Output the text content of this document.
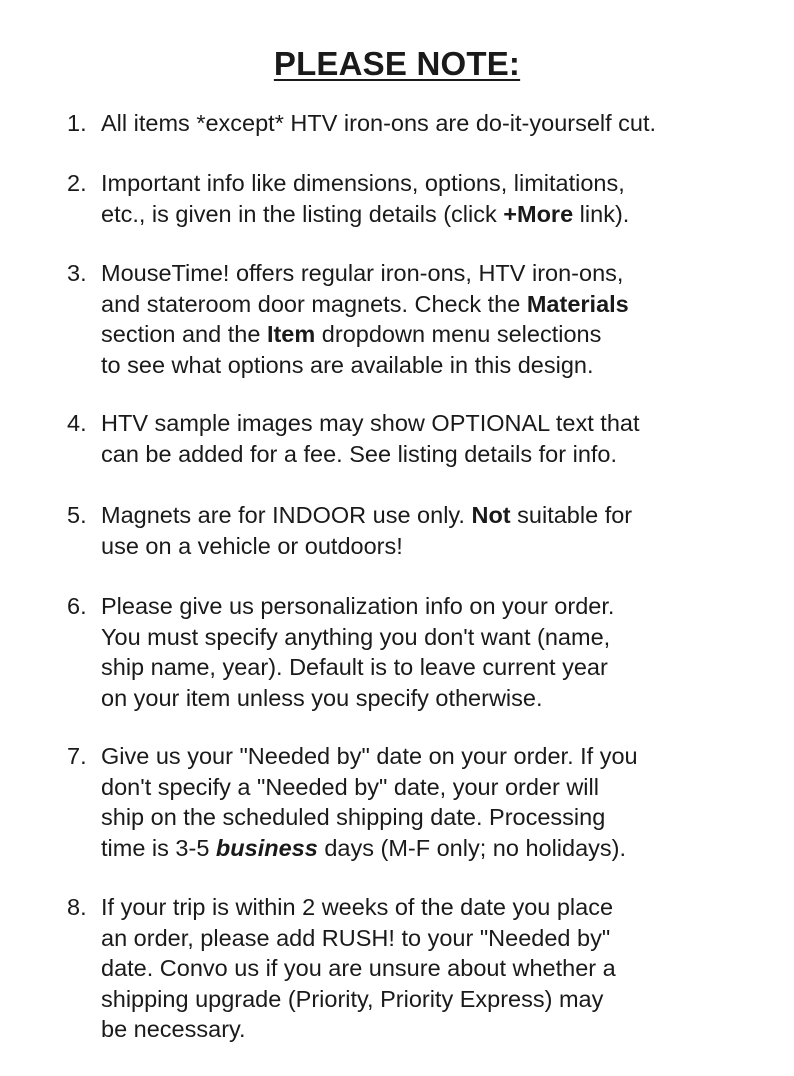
PLEASE NOTE:
1. All items *except* HTV iron-ons are do-it-yourself cut.
2. Important info like dimensions, options, limitations,
etc., is given in the listing details (click +More link).
3. MouseTime! offers regular iron-ons, HTV iron-ons,
and stateroom door magnets. Check the Materials
section and the Item dropdown menu selections
to see what options are available in this design.
4. HTV sample images may show OPTIONAL text that
can be added for a fee. See listing details for info.
5. Magnets are for INDOOR use only. Not suitable for
use on a vehicle or outdoors!
6. Please give us personalization info on your order.
You must specify anything you don't want (name,
ship name, year). Default is to leave current year
on your item unless you specify otherwise.
7. Give us your "Needed by" date on your order. If you
don't specify a "Needed by" date, your order will
ship on the scheduled shipping date. Processing
time is 3-5 business days (M-F only; no holidays).
8. If your trip is within 2 weeks of the date you place
an order, please add RUSH! to your "Needed by"
date. Convo us if you are unsure about whether a
shipping upgrade (Priority, Priority Express) may
be necessary.
